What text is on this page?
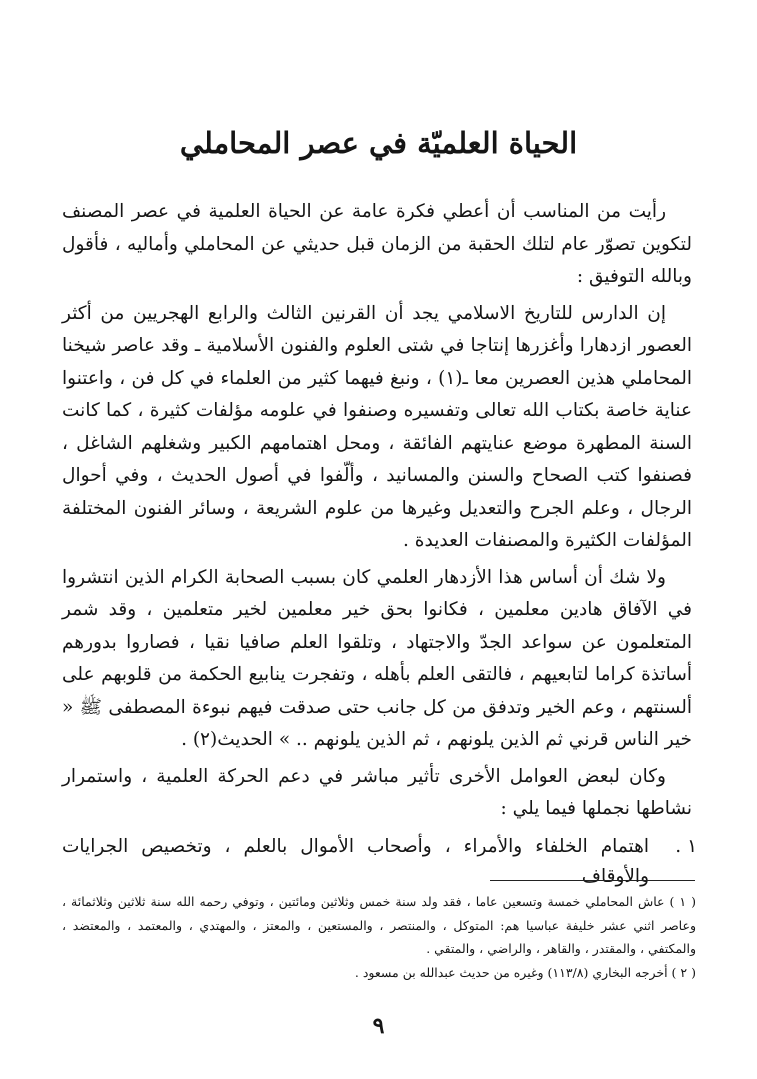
الحياة العلميّة في عصر المحاملي

رأيت من المناسب أن أعطي فكرة عامة عن الحياة العلمية في عصر المصنف لتكوين تصوّر عام لتلك الحقبة من الزمان قبل حديثي عن المحاملي وأماليه ، فأقول وبالله التوفيق :

إن الدارس للتاريخ الاسلامي يجد أن القرنين الثالث والرابع الهجريين من أكثر العصور ازدهارا وأغزرها إنتاجا في شتى العلوم والفنون الأسلامية ـ وقد عاصر شيخنا المحاملي هذين العصرين معا ـ(١) ، ونبغ فيهما كثير من العلماء في كل فن ، واعتنوا عناية خاصة بكتاب الله تعالى وتفسيره وصنفوا في علومه مؤلفات كثيرة ، كما كانت السنة المطهرة موضع عنايتهم الفائقة ، ومحل اهتمامهم الكبير وشغلهم الشاغل ، فصنفوا كتب الصحاح والسنن والمسانيد ، وألّفوا في أصول الحديث ، وفي أحوال الرجال ، وعلم الجرح والتعديل وغيرها من علوم الشريعة ، وسائر الفنون المختلفة المؤلفات الكثيرة والمصنفات العديدة .

ولا شك أن أساس هذا الأزدهار العلمي كان بسبب الصحابة الكرام الذين انتشروا في الآفاق هادين معلمين ، فكانوا بحق خير معلمين لخير متعلمين ، وقد شمر المتعلمون عن سواعد الجدّ والاجتهاد ، وتلقوا العلم صافيا نقيا ، فصاروا بدورهم أساتذة كراما لتابعيهم ، فالتقى العلم بأهله ، وتفجرت ينابيع الحكمة من قلوبهم على ألسنتهم ، وعم الخير وتدفق من كل جانب حتى صدقت فيهم نبوءة المصطفى ﷺ « خير الناس قرني ثم الذين يلونهم ، ثم الذين يلونهم .. » الحديث(٢) .

وكان لبعض العوامل الأخرى تأثير مباشر في دعم الحركة العلمية ، واستمرار نشاطها نجملها فيما يلي :

١ .
اهتمام الخلفاء والأمراء ، وأصحاب الأموال بالعلم ، وتخصيص الجرايات والأوقاف

( ١ ) عاش المحاملي خمسة وتسعين عاما ، فقد ولد سنة خمس وثلاثين ومائتين ، وتوفي رحمه الله سنة ثلاثين وثلاثمائة ، وعاصر اثني عشر خليفة عباسيا هم: المتوكل ، والمنتصر ، والمستعين ، والمعتز ، والمهتدي ، والمعتمد ، والمعتضد ، والمكتفي ، والمقتدر ، والقاهر ، والراضي ، والمتقي .

( ٢ ) أخرجه البخاري (١١٣/٨) وغيره من حديث عبدالله بن مسعود .

٩
